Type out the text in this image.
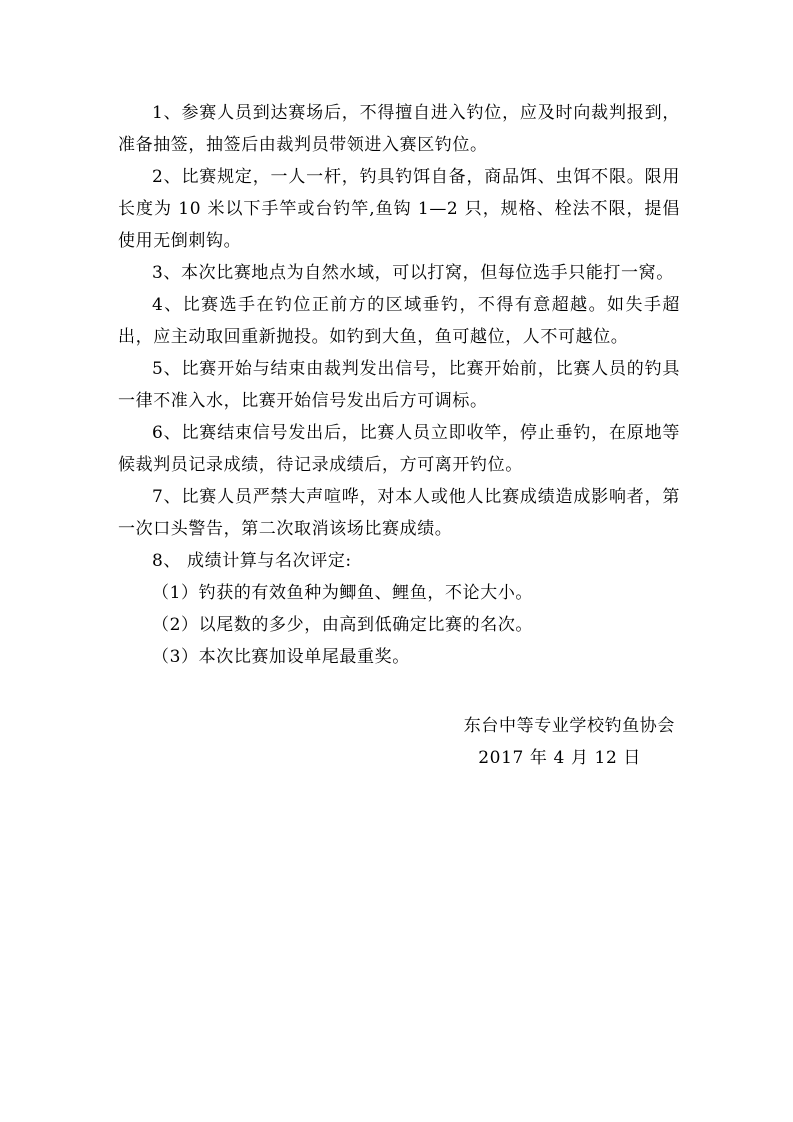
1、参赛人员到达赛场后，不得擅自进入钓位，应及时向裁判报到，准备抽签，抽签后由裁判员带领进入赛区钓位。

2、比赛规定，一人一杆，钓具钓饵自备，商品饵、虫饵不限。限用长度为 10 米以下手竿或台钓竿,鱼钩 1—2 只，规格、栓法不限，提倡使用无倒刺钩。

3、本次比赛地点为自然水域，可以打窝，但每位选手只能打一窝。

4、比赛选手在钓位正前方的区域垂钓，不得有意超越。如失手超出，应主动取回重新抛投。如钓到大鱼，鱼可越位，人不可越位。

5、比赛开始与结束由裁判发出信号，比赛开始前，比赛人员的钓具一律不准入水，比赛开始信号发出后方可调标。

6、比赛结束信号发出后，比赛人员立即收竿，停止垂钓，在原地等候裁判员记录成绩，待记录成绩后，方可离开钓位。

7、比赛人员严禁大声喧哗，对本人或他人比赛成绩造成影响者，第一次口头警告，第二次取消该场比赛成绩。

8、 成绩计算与名次评定:

（1）钓获的有效鱼种为鲫鱼、鲤鱼，不论大小。

（2）以尾数的多少，由高到低确定比赛的名次。

（3）本次比赛加设单尾最重奖。

东台中等专业学校钓鱼协会
2017 年 4 月 12 日
